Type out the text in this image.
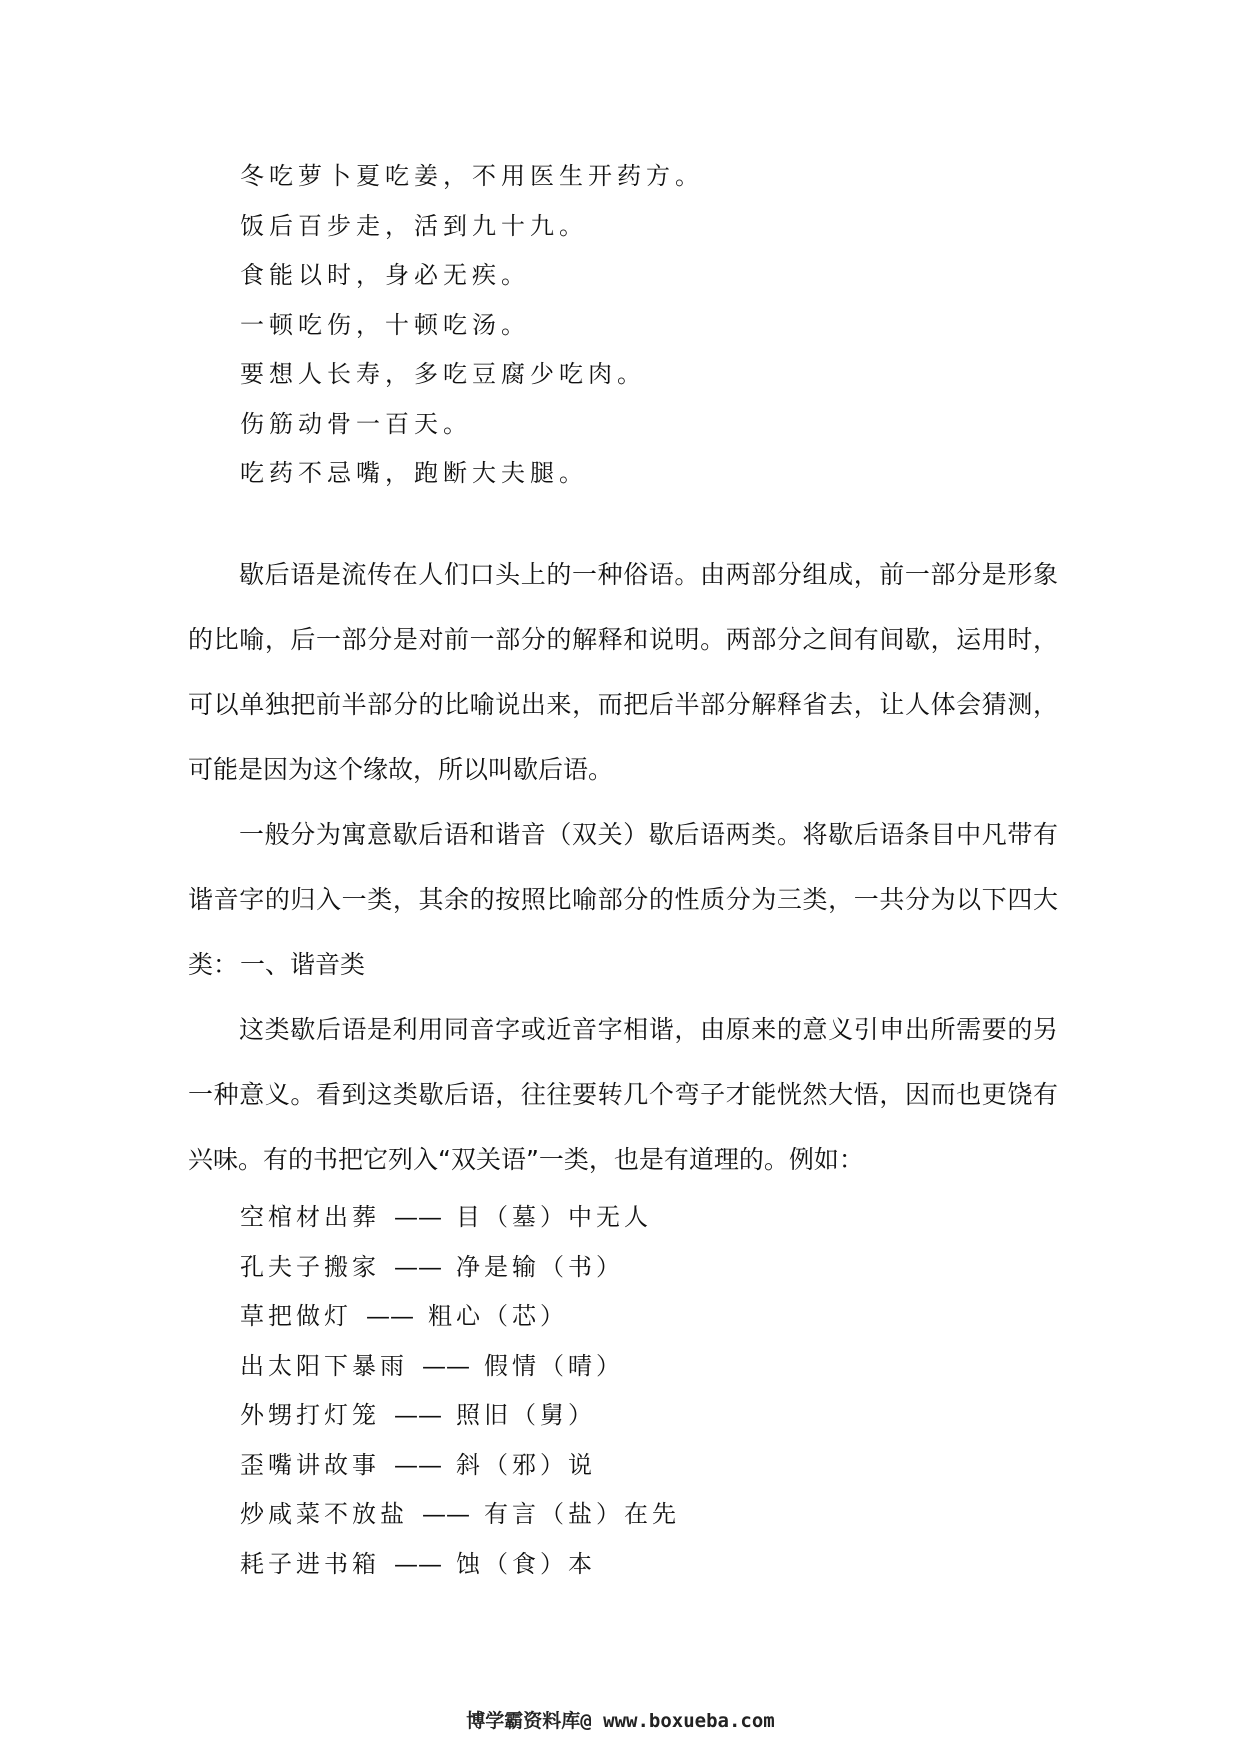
冬吃萝卜夏吃姜，不用医生开药方。
饭后百步走，活到九十九。
食能以时，身必无疾。
一顿吃伤，十顿吃汤。
要想人长寿，多吃豆腐少吃肉。
伤筋动骨一百天。
吃药不忌嘴，跑断大夫腿。

歇后语是流传在人们口头上的一种俗语。由两部分组成，前一部分是形象的比喻，后一部分是对前一部分的解释和说明。两部分之间有间歇，运用时，可以单独把前半部分的比喻说出来，而把后半部分解释省去，让人体会猜测，可能是因为这个缘故，所以叫歇后语。

一般分为寓意歇后语和谐音（双关）歇后语两类。将歇后语条目中凡带有谐音字的归入一类，其余的按照比喻部分的性质分为三类，一共分为以下四大类： 一、谐音类

这类歇后语是利用同音字或近音字相谐，由原来的意义引申出所需要的另一种意义。看到这类歇后语，往往要转几个弯子才能恍然大悟，因而也更饶有兴味。有的书把它列入“双关语”一类，也是有道理的。例如：

空棺材出葬 —— 目（墓）中无人
孔夫子搬家 —— 净是输（书）
草把做灯 —— 粗心（芯）
出太阳下暴雨 —— 假情（晴）
外甥打灯笼 —— 照旧（舅）
歪嘴讲故事 —— 斜（邪）说
炒咸菜不放盐 —— 有言（盐）在先
耗子进书箱 —— 蚀（食）本
博学霸资料库@ www.boxueba.com
